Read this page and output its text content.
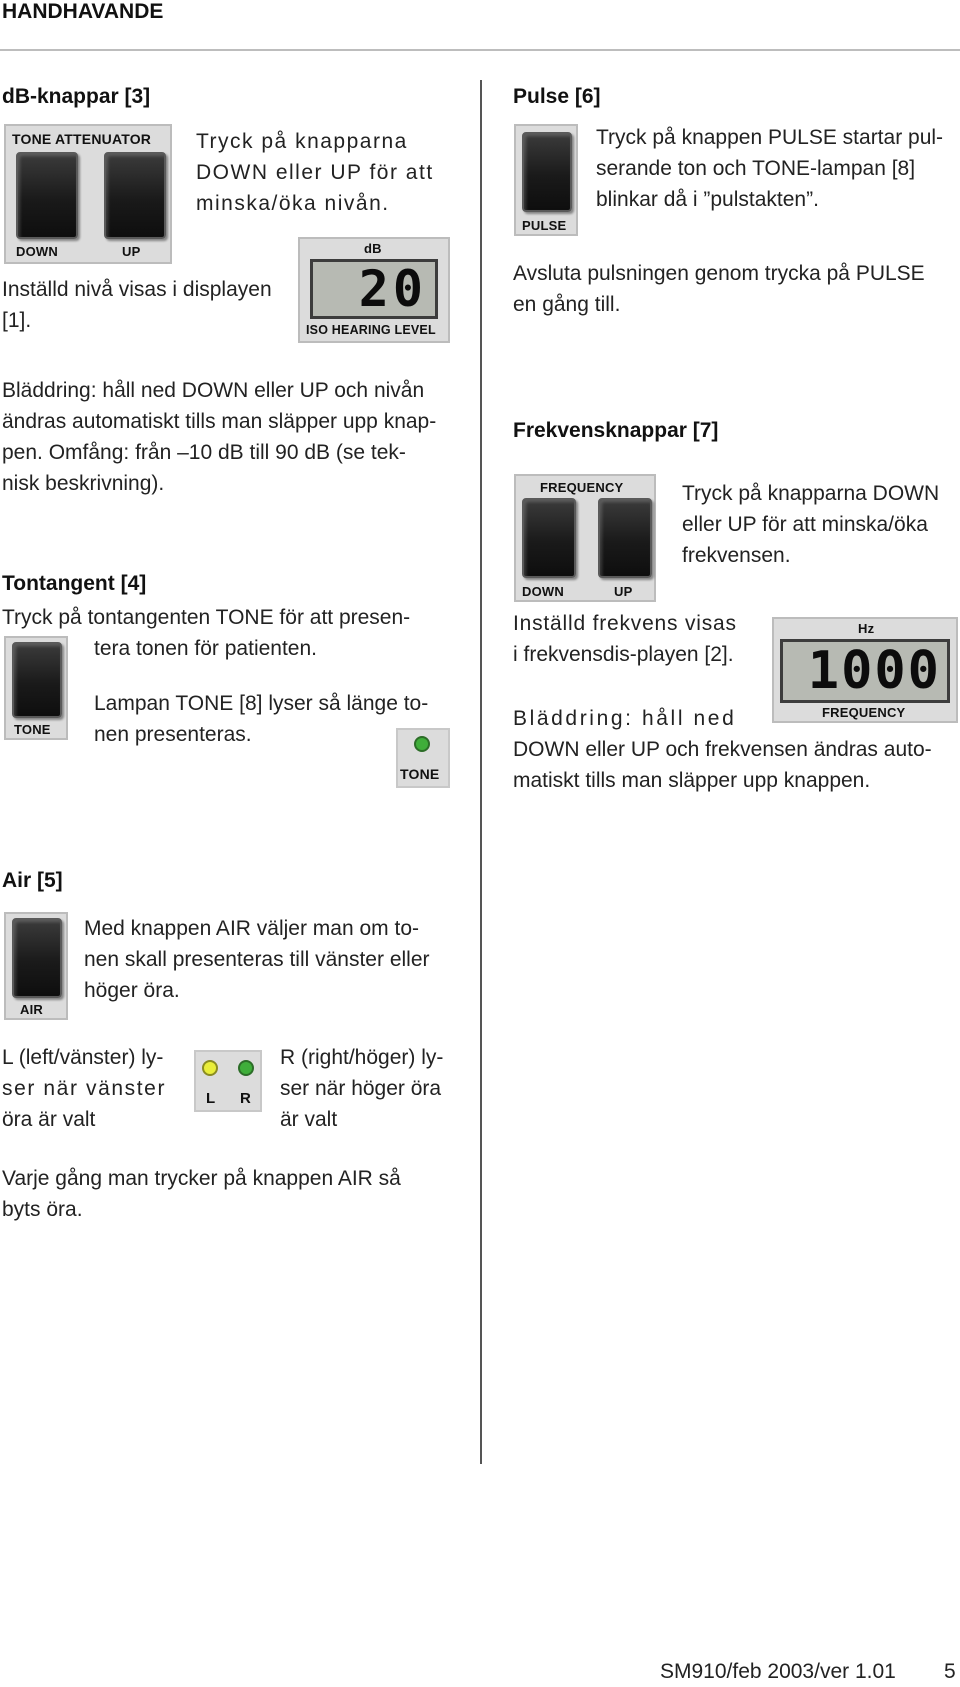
HANDHAVANDE
dB-knappar [3]
TONE ATTENUATOR
DOWN	UP
Tryck på knapparna
DOWN eller UP för att
minska/öka nivån.
Inställd nivå visas i displayen
[1].
dB
20
ISO HEARING LEVEL
Bläddring: håll ned DOWN eller UP och nivån
ändras automatiskt tills man släpper upp knap-
pen. Omfång: från –10 dB till 90 dB (se tek-
nisk beskrivning).
Tontangent [4]
Tryck på tontangenten TONE för att presen-
TONE
tera tonen för patienten.
Lampan TONE [8] lyser så länge to-
nen presenteras.
TONE
Air [5]
AIR
Med knappen AIR väljer man om to-
nen skall presenteras till vänster eller
höger öra.
L (left/vänster) ly-
ser när vänster
öra är valt
L R
R (right/höger) ly-
ser när höger öra
är valt
Varje gång man trycker på knappen AIR så
byts öra.
Pulse [6]
PULSE
Tryck på knappen PULSE startar pul-
serande ton och TONE-lampan [8]
blinkar då i ”pulstakten”.
Avsluta pulsningen genom trycka på PULSE
en gång till.
Frekvensknappar [7]
FREQUENCY
DOWN	UP
Tryck på knapparna DOWN
eller UP för att minska/öka
frekvensen.
Inställd frekvens visas
i frekvensdis-playen [2].
Hz
1000
FREQUENCY
Bläddring: håll ned
DOWN eller UP och frekvensen ändras auto-
matiskt tills man släpper upp knappen.
SM910/feb 2003/ver 1.01 5
